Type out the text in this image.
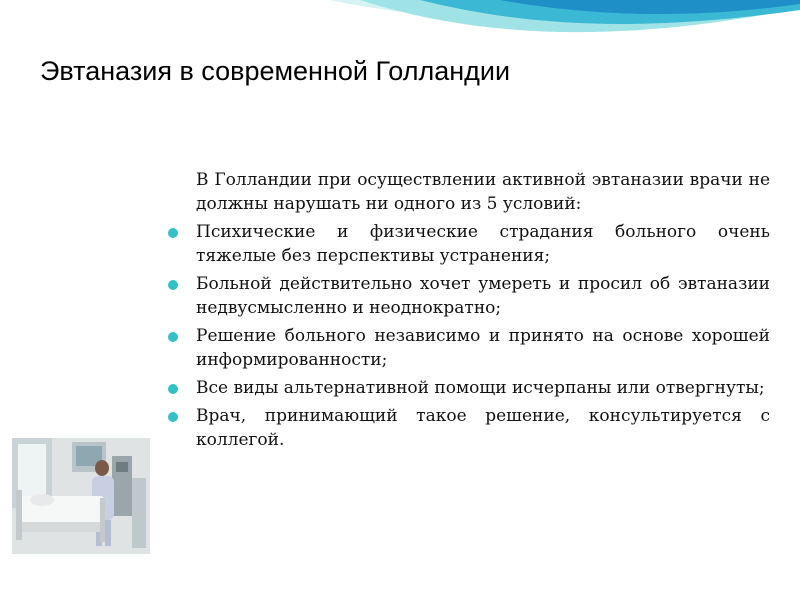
Эвтаназия в современной Голландии
В Голландии при осуществлении активной эвтаназии врачи не должны нарушать ни одного из 5 условий:
Психические и физические страдания больного очень тяжелые без перспективы устранения;
Больной действительно хочет умереть и просил об эвтаназии недвусмысленно и неоднократно;
Решение больного независимо и принято на основе хорошей информированности;
Все виды альтернативной помощи исчерпаны или отвергнуты;
Врач, принимающий такое решение, консультируется с коллегой.
